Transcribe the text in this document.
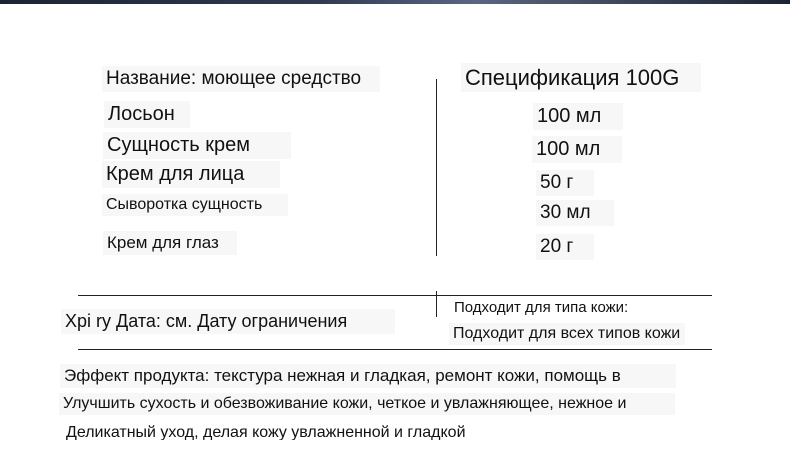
Название: моющее средство
Лосьон
Сущность крем
Крем для лица
Сыворотка сущность
Крем для глаз
Спецификация 100G
100 мл
100 мл
50 г
30 мл
20 г
Xpi ry Дата: см. Дату ограничения
Подходит для типа кожи:
Подходит для всех типов кожи
Эффект продукта: текстура нежная и гладкая, ремонт кожи, помощь в
Улучшить сухость и обезвоживание кожи, четкое и увлажняющее, нежное и
Деликатный уход, делая кожу увлажненной и гладкой
